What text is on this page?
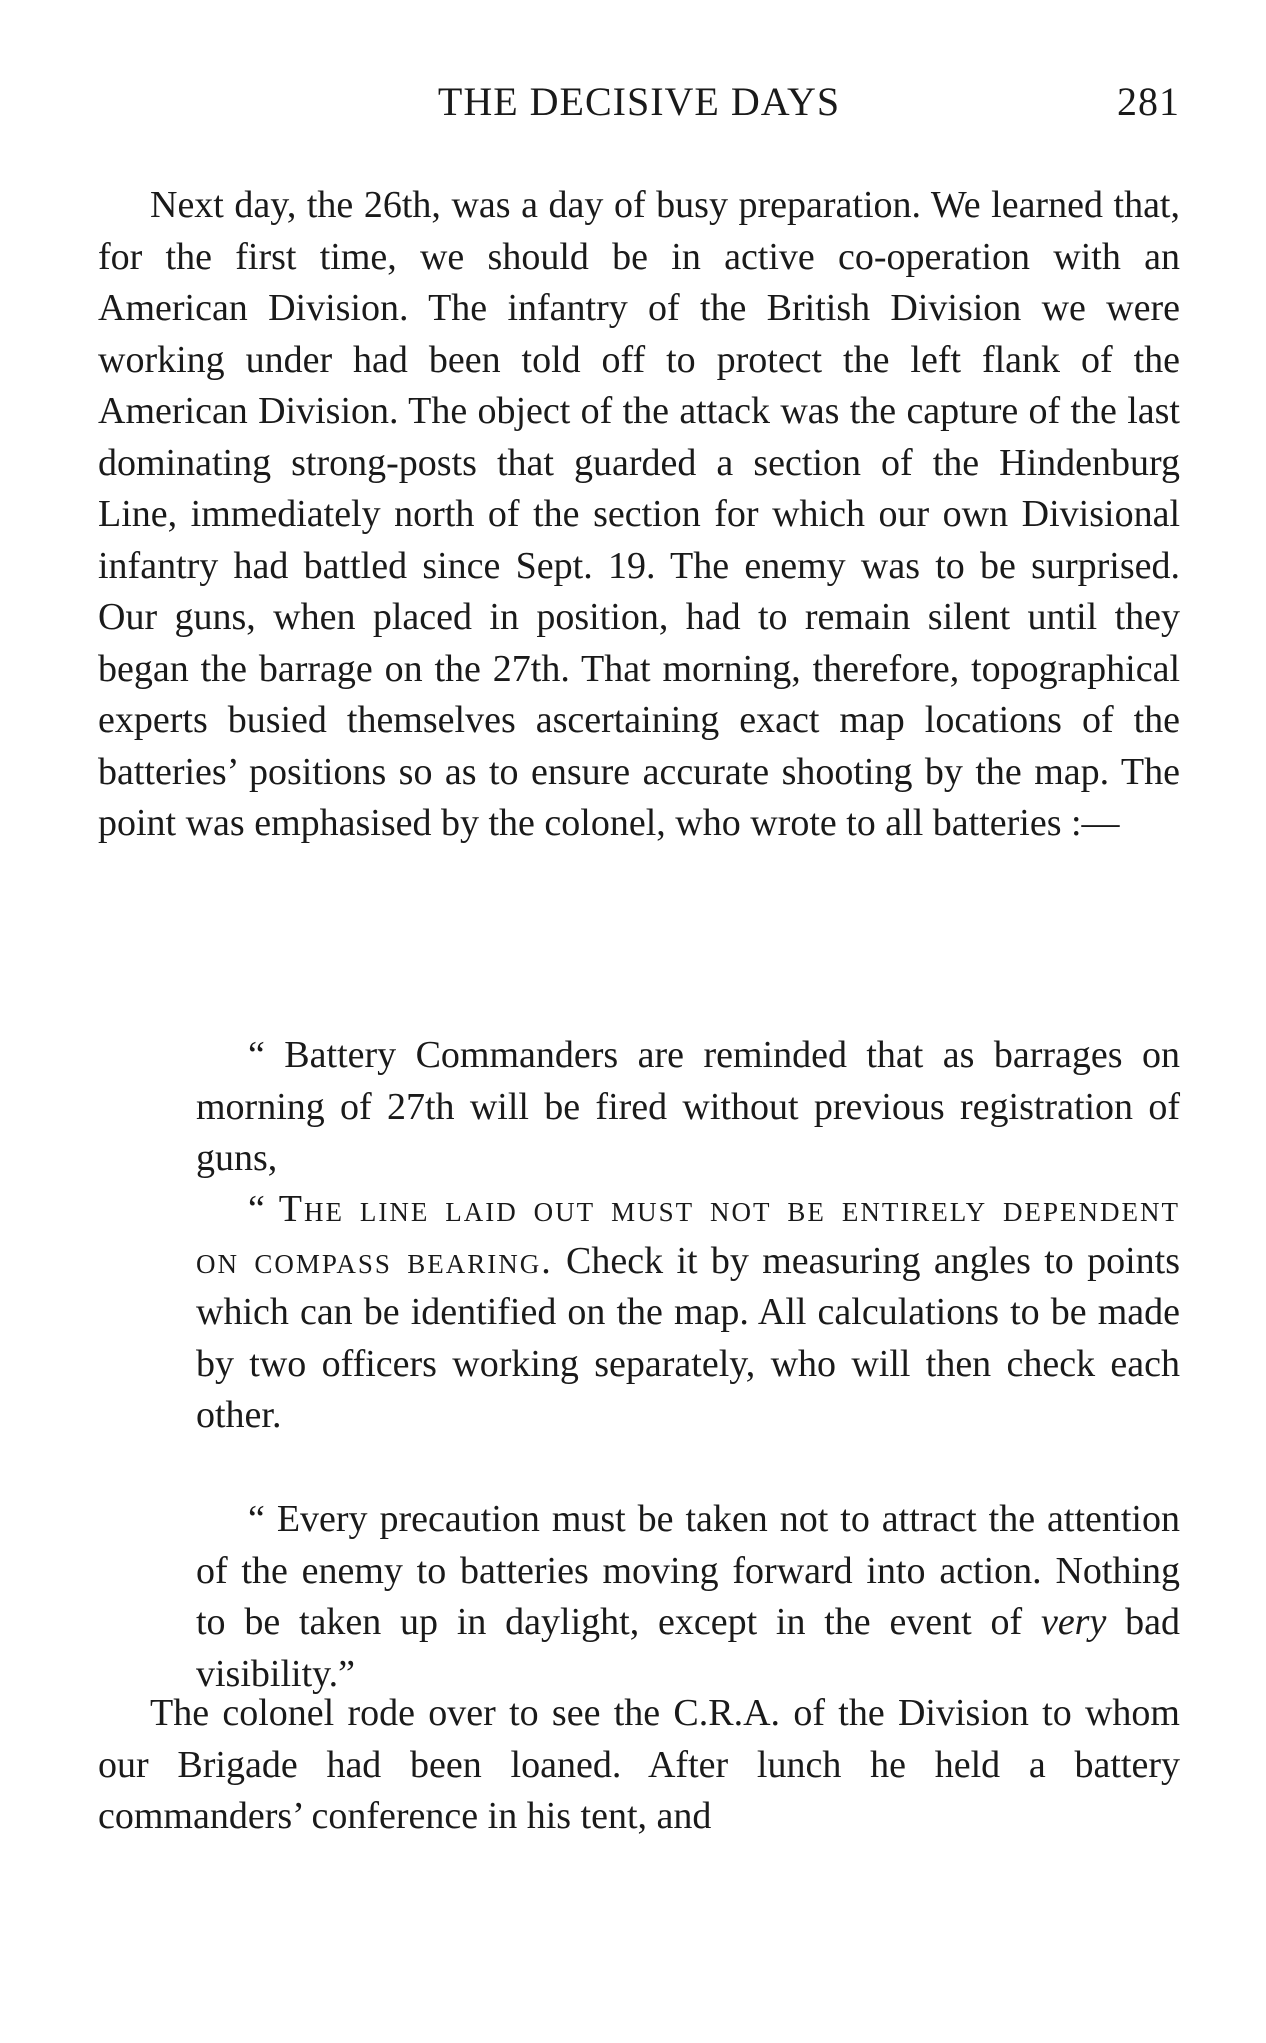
THE DECISIVE DAYS	281

Next day, the 26th, was a day of busy preparation. We learned that, for the first time, we should be in active co-operation with an American Division. The infantry of the British Division we were working under had been told off to protect the left flank of the American Division. The object of the attack was the capture of the last dominating strong-posts that guarded a section of the Hindenburg Line, immediately north of the section for which our own Divisional infantry had battled since Sept. 19. The enemy was to be surprised. Our guns, when placed in position, had to remain silent until they began the barrage on the 27th. That morning, therefore, topographical experts busied themselves ascertaining exact map locations of the batteries’ positions so as to ensure accurate shooting by the map. The point was emphasised by the colonel, who wrote to all batteries :—

“ Battery Commanders are reminded that as barrages on morning of 27th will be fired without previous registration of guns,

“ The line laid out must not be entirely dependent on compass bearing. Check it by measuring angles to points which can be identified on the map. All calculations to be made by two officers working separately, who will then check each other.

“ Every precaution must be taken not to attract the attention of the enemy to batteries moving forward into action. Nothing to be taken up in daylight, except in the event of very bad visibility.”

The colonel rode over to see the C.R.A. of the Division to whom our Brigade had been loaned. After lunch he held a battery commanders’ conference in his tent, and
